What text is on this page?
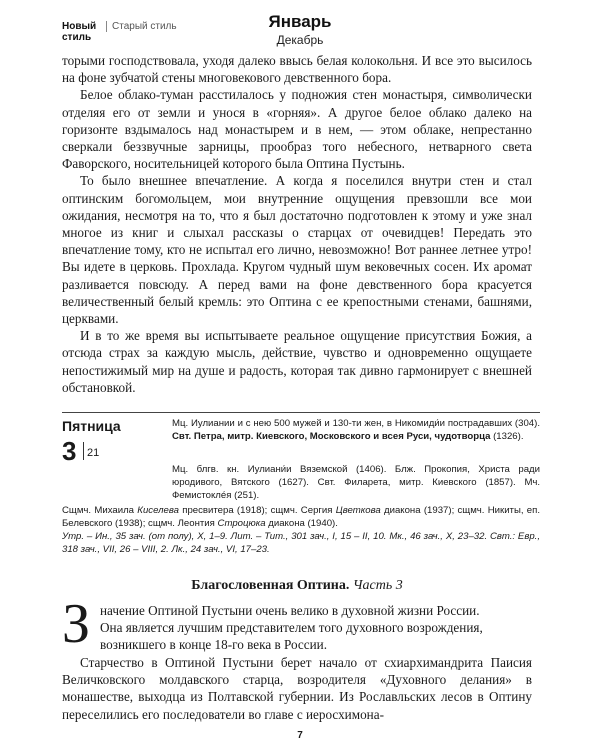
Новый стиль
Старый стиль	Январь
Декабрь

торыми господствовала, уходя далеко ввысь белая колокольня. И все это высилось на фоне зубчатой стены многовекового девственного бора.

Белое облако-туман расстилалось у подножия стен монастыря, символически отделяя его от земли и унося в «горняя». А другое белое облако далеко на горизонте вздымалось над монастырем и в нем, — этом облаке, непрестанно сверкали беззвучные зарницы, прообраз того небесного, нетварного света Фаворского, носительницей которого была Оптина Пустынь.

То было внешнее впечатление. А когда я поселился внутри стен и стал оптинским богомольцем, мои внутренние ощущения превзошли все мои ожидания, несмотря на то, что я был достаточно подготовлен к этому и уже знал многое из книг и слыхал рассказы о старцах от очевидцев! Передать это впечатление тому, кто не испытал его лично, невозможно! Вот раннее летнее утро! Вы идете в церковь. Прохлада. Кругом чудный шум вековечных сосен. Их аромат разливается повсюду. А перед вами на фоне девственного бора красуется величественный белый кремль: это Оптина с ее крепостными стенами, башнями, церквами.

И в то же время вы испытываете реальное ощущение присутствия Божия, а отсюда страх за каждую мысль, действие, чувство и одновременно ощущаете непостижимый мир на душе и радость, которая так дивно гармонирует с внешней обстановкой.

Пятница
3 21

Мц. Иулиании и с нею 500 мужей и 130-ти жен, в Никомиди́и пострадавших (304). Свт. Петра, митр. Киевского, Московского и всея Руси, чудотворца (1326).

Мц. блгв. кн. Иулиани́и Вяземской (1406). Блж. Прокопия, Христа ради юродивого, Вятского (1627). Свт. Филарета, митр. Киевского (1857). Мч. Фемистокле́я (251).

Сщмч. Михаила Киселева пресвитера (1918); сщмч. Сергия Цветкова диакона (1937); сщмч. Никиты, еп. Белевского (1938); сщмч. Леонтия Строцюка диакона (1940).

Утр. – Ин., 35 зач. (от полу), Х, 1–9. Лит. – Тит., 301 зач., I, 15 – II, 10. Мк., 46 зач., Х, 23–32. Свт.: Евр., 318 зач., VII, 26 – VIII, 2. Лк., 24 зач., VI, 17–23.

Благословенная Оптина. Часть 3
З начение Оптиной Пустыни очень велико в духовной жизни России.

Она является лучшим представителем того духовного возрождения,

возникшего в конце 18-го века в России.

Старчество в Оптиной Пустыни берет начало от схиархимандрита Паисия Величковского молдавского старца, возродителя «Духовного делания» в монашестве, выходца из Полтавской губернии. Из Рославльских лесов в Оптину переселились его последователи во главе с иеросхимона-

7
